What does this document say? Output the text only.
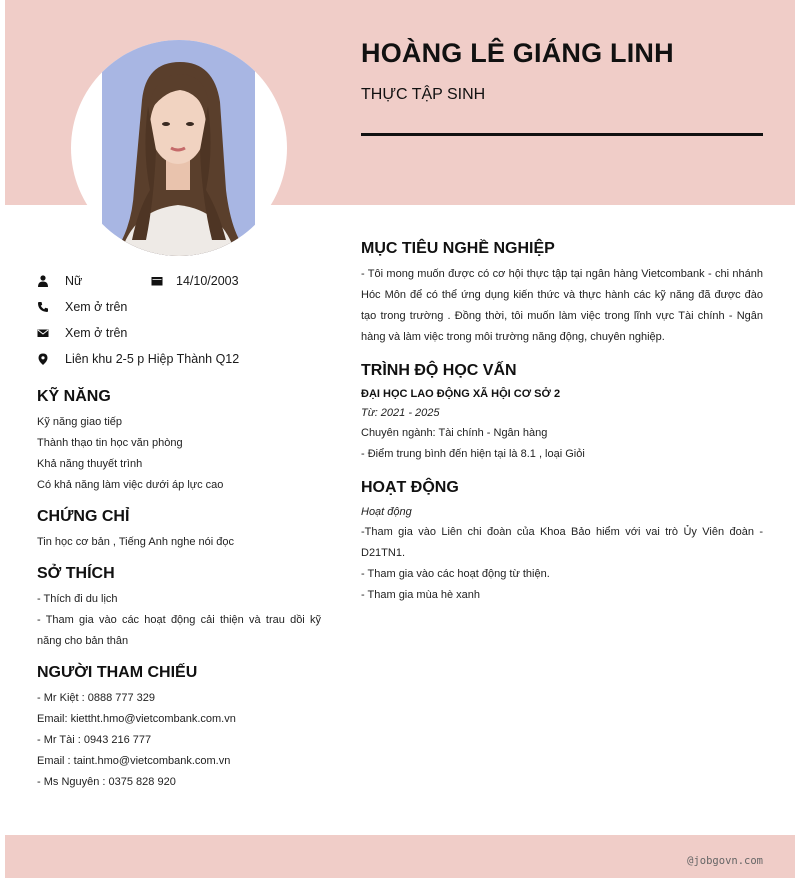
HOÀNG LÊ GIÁNG LINH
THỰC TẬP SINH
Nữ	14/10/2003
Xem ở trên
Xem ở trên
Liên khu 2-5 p Hiệp Thành Q12
KỸ NĂNG
Kỹ năng giao tiếp
Thành thạo tin học văn phòng
Khả năng thuyết trình
Có khả năng làm việc dưới áp lực cao
CHỨNG CHỈ
Tin học cơ bản , Tiếng Anh nghe nói đọc
SỞ THÍCH
- Thích đi du lịch
- Tham gia vào các hoạt động cải thiện và trau dồi kỹ năng cho bản thân
NGƯỜI THAM CHIẾU
- Mr Kiệt : 0888 777 329
Email: kiettht.hmo@vietcombank.com.vn
- Mr Tài : 0943 216 777
Email : taint.hmo@vietcombank.com.vn
- Ms Nguyên : 0375 828 920
MỤC TIÊU NGHỀ NGHIỆP
- Tôi mong muốn được có cơ hội thực tập tại ngân hàng Vietcombank - chi nhánh Hóc Môn để có thể ứng dụng kiến thức và thực hành các kỹ năng đã được đào tạo trong trường . Đồng thời, tôi muốn làm việc trong lĩnh vực Tài chính - Ngân hàng và làm việc trong môi trường năng động, chuyên nghiệp.
TRÌNH ĐỘ HỌC VẤN
ĐẠI HỌC LAO ĐỘNG XÃ HỘI CƠ SỞ 2
Từ: 2021 - 2025
Chuyên ngành: Tài chính - Ngân hàng
- Điểm trung bình đến hiện tại là 8.1 , loại Giỏi
HOẠT ĐỘNG
Hoạt động
-Tham gia vào Liên chi đoàn của Khoa Bảo hiểm với vai trò Ủy Viên đoàn - D21TN1.
- Tham gia vào các hoạt động từ thiện.
- Tham gia mùa hè xanh
@jobgovn.com
